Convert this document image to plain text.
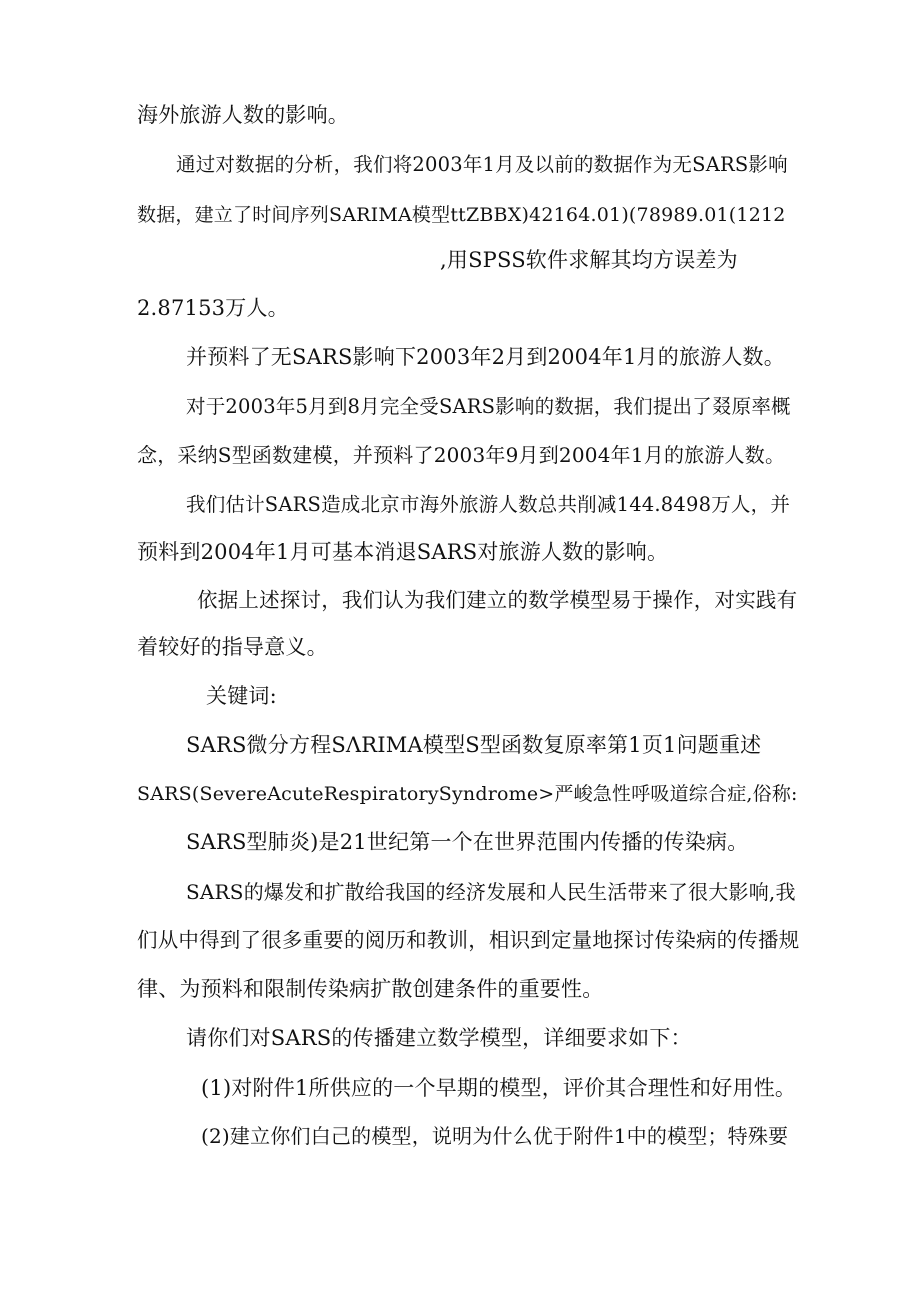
海外旅游人数的影响。

通过对数据的分析，我们将2003年1月及以前的数据作为无SARS影响

数据，建立了时间序列SARIMA模型ttZBBX)42164.01)(78989.01(1212

,用SPSS软件求解其均方误差为

2.87153万人。

并预料了无SARS影响下2003年2月到2004年1月的旅游人数。

对于2003年5月到8月完全受SARS影响的数据，我们提出了叕原率概

念，采纳S型函数建模，并预料了2003年9月到2004年1月的旅游人数。

我们估计SARS造成北京市海外旅游人数总共削减144.8498万人，并

预料到2004年1月可基本消退SARS对旅游人数的影响。

依据上述探讨，我们认为我们建立的数学模型易于操作，对实践有

着较好的指导意义。

关键词:

SARS微分方程SΛRIMA模型S型函数复原率第1页1问题重述

SARS(SevereAcuteRespiratorySyndrome>严峻急性呼吸道综合症,俗称:

SARS型肺炎)是21世纪第一个在世界范围内传播的传染病。

SARS的爆发和扩散给我国的经济发展和人民生活带来了很大影响,我

们从中得到了很多重要的阅历和教训，相识到定量地探讨传染病的传播规

律、为预料和限制传染病扩散创建条件的重要性。

请你们对SARS的传播建立数学模型，详细要求如下：

(1)对附件1所供应的一个早期的模型，评价其合理性和好用性。

(2)建立你们白己的模型，说明为什么优于附件1中的模型；特殊要
